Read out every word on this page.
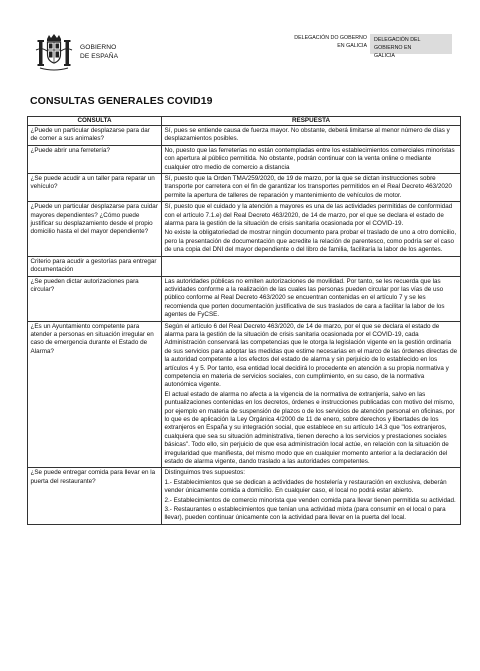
GOBIERNO
DE ESPAÑA
DELEGACIÓN DO GOBERNO
EN GALICIA
DELEGACIÓN DEL GOBIERNO EN
GALICIA
CONSULTAS GENERALES COVID19
CONSULTA	RESPUESTA
¿Puede un particular desplazarse para dar de comer a sus animales?	Sí, pues se entiende causa de fuerza mayor. No obstante, deberá limitarse al menor número de días y desplazamientos posibles.

¿Puede abrir una ferretería?	No, puesto que las ferreterías no están contempladas entre los establecimientos comerciales minoristas con apertura al público permitida. No obstante, podrán continuar con la venta online o mediante cualquier otro medio de comercio a distancia

¿Se puede acudir a un taller para reparar un vehículo?	Sí, puesto que la Orden TMA/259/2020, de 19 de marzo, por la que se dictan instrucciones sobre transporte por carretera con el fin de garantizar los transportes permitidos en el Real Decreto 463/2020 permite la apertura de talleres de reparación y mantenimiento de vehículos de motor.

¿Puede un particular desplazarse para cuidar mayores dependientes? ¿Cómo puede justificar su desplazamiento desde el propio domicilio hasta el del mayor dependiente?	Sí, puesto que el cuidado y la atención a mayores es una de las actividades permitidas de conformidad con el artículo 7.1.e) del Real Decreto 463/2020, de 14 de marzo, por el que se declara el estado de alarma para la gestión de la situación de crisis sanitaria ocasionada por el COVID-19.

No existe la obligatoriedad de mostrar ningún documento para probar el traslado de uno a otro domicilio, pero la presentación de documentación que acredite la relación de parentesco, como podría ser el caso de una copia del DNI del mayor dependiente o del libro de familia, facilitaría la labor de los agentes.

Criterio para acudir a gestorías para entregar documentación	
¿Se pueden dictar autorizaciones para circular?	Las autoridades públicas no emiten autorizaciones de movilidad. Por tanto, se les recuerda que las actividades conforme a la realización de las cuales las personas pueden circular por las vías de uso público conforme al Real Decreto 463/2020 se encuentran contenidas en el artículo 7 y se les recomienda que porten documentación justificativa de sus traslados de cara a facilitar la labor de los agentes de FyCSE.

¿Es un Ayuntamiento competente para atender a personas en situación irregular en caso de emergencia durante el Estado de Alarma?	Según el artículo 6 del Real Decreto 463/2020, de 14 de marzo, por el que se declara el estado de alarma para la gestión de la situación de crisis sanitaria ocasionada por el COVID-19, cada Administración conservará las competencias que le otorga la legislación vigente en la gestión ordinaria de sus servicios para adoptar las medidas que estime necesarias en el marco de las órdenes directas de la autoridad competente a los efectos del estado de alarma y sin perjuicio de lo establecido en los artículos 4 y 5. Por tanto, esa entidad local decidirá lo procedente en atención a su propia normativa y competencia en materia de servicios sociales, con cumplimiento, en su caso, de la normativa autonómica vigente.

El actual estado de alarma no afecta a la vigencia de la normativa de extranjería, salvo en las puntualizaciones contenidas en los decretos, órdenes e instrucciones publicadas con motivo del mismo, por ejemplo en materia de suspensión de plazos o de los servicios de atención personal en oficinas, por lo que es de aplicación la Ley Orgánica 4/2000 de 11 de enero, sobre derechos y libertades de los extranjeros en España y su integración social, que establece en su artículo 14.3 que "los extranjeros, cualquiera que sea su situación administrativa, tienen derecho a los servicios y prestaciones sociales básicas". Todo ello, sin perjuicio de que esa administración local actúe, en relación con la situación de irregularidad que manifiesta, del mismo modo que en cualquier momento anterior a la declaración del estado de alarma vigente, dando traslado a las autoridades competentes.

¿Se puede entregar comida para llevar en la puerta del restaurante?	Distinguimos tres supuestos:

1.- Establecimientos que se dedican a actividades de hostelería y restauración en exclusiva, deberán vender únicamente comida a domicilio. En cualquier caso, el local no podrá estar abierto.

2.- Establecimientos de comercio minorista que venden comida para llevar tienen permitida su actividad.

3.- Restaurantes o establecimientos que tenían una actividad mixta (para consumir en el local o para llevar), pueden continuar únicamente con la actividad para llevar en la puerta del local.
